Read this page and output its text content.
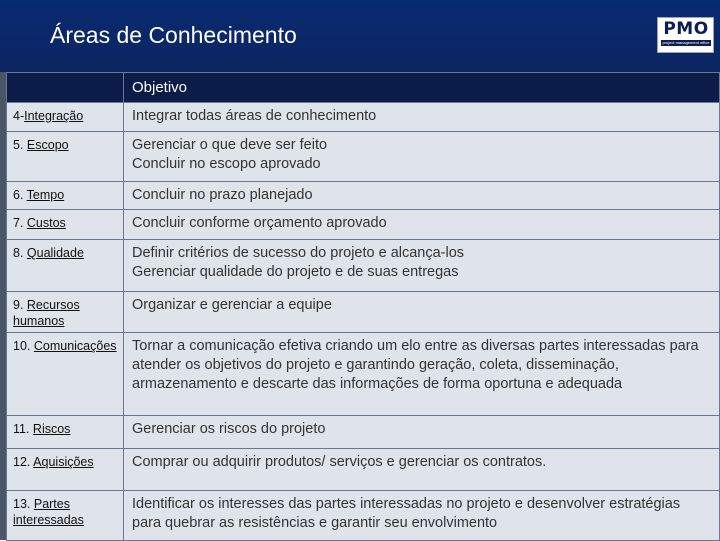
Áreas de Conhecimento	PMO
project management office
	Objetivo
4-Integração	Integrar todas áreas de conhecimento
5. Escopo	Gerenciar o que deve ser feito
Concluir no escopo aprovado
6. Tempo	Concluir no prazo planejado
7. Custos	Concluir conforme orçamento aprovado
8. Qualidade	Definir critérios de sucesso do projeto e alcança-los
Gerenciar qualidade do projeto e de suas entregas
9. Recursos humanos	Organizar e gerenciar a equipe
10. Comunicações	Tornar a comunicação efetiva criando um elo entre as diversas partes interessadas para atender os objetivos do projeto e garantindo geração, coleta, disseminação, armazenamento e descarte das informações de forma oportuna e adequada
11. Riscos	Gerenciar os riscos do projeto
12. Aquisições	Comprar ou adquirir produtos/ serviços e gerenciar os contratos.
13. Partes interessadas	Identificar os interesses das partes interessadas no projeto e desenvolver estratégias para quebrar as resistências e garantir seu envolvimento
